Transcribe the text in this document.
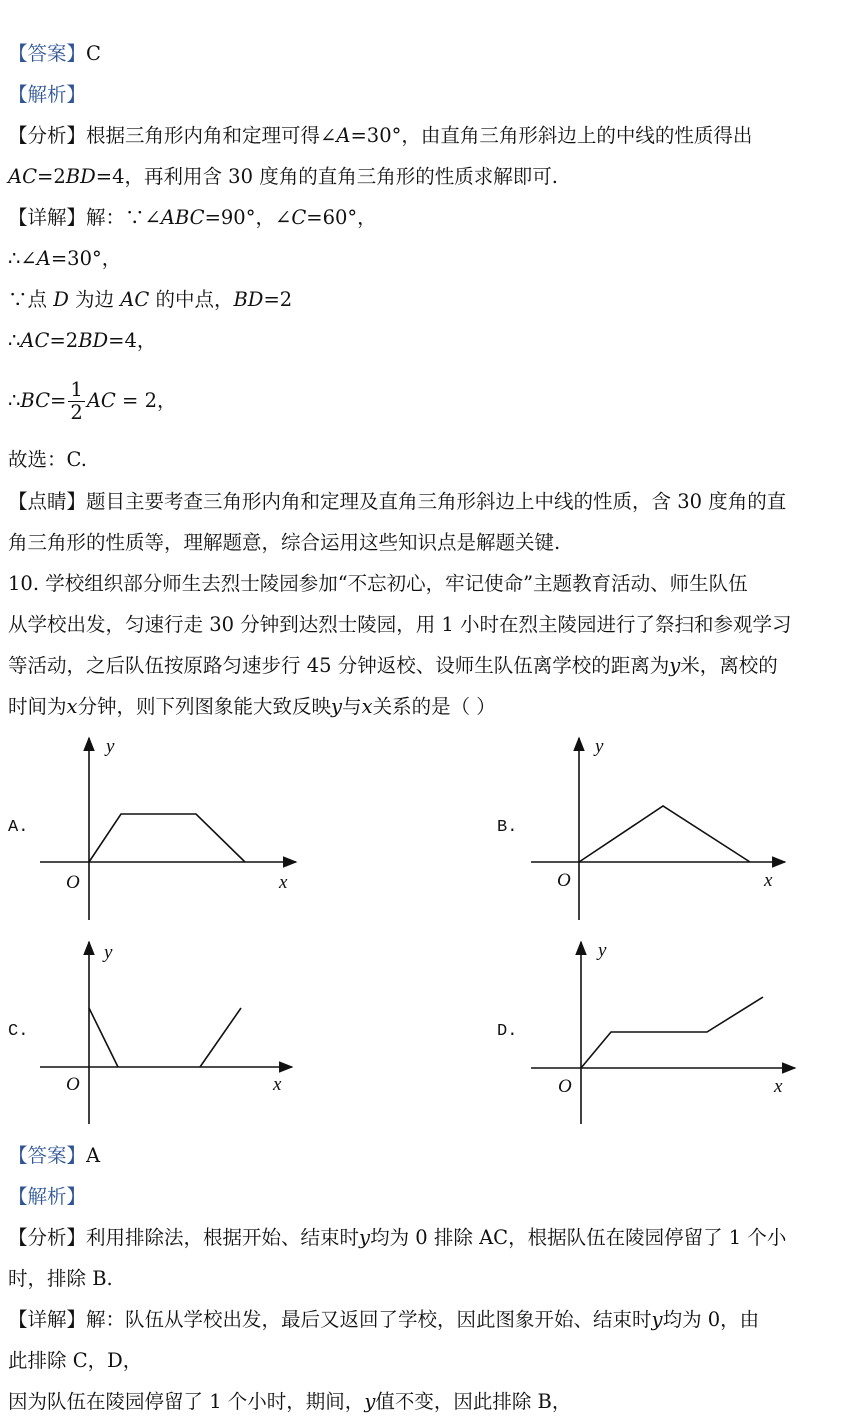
【答案】C
【解析】
【分析】根据三角形内角和定理可得∠A=30°，由直角三角形斜边上的中线的性质得出
AC=2BD=4，再利用含 30 度角的直角三角形的性质求解即可.
【详解】解：∵∠ABC=90°，∠C=60°，
∴∠A=30°，
∵点 D 为边 AC 的中点，BD=2
∴AC=2BD=4，
∴BC= $\frac{1}{2}$ AC = 2，
故选：C.
【点睛】题目主要考查三角形内角和定理及直角三角形斜边上中线的性质，含 30 度角的直
角三角形的性质等，理解题意，综合运用这些知识点是解题关键.
10. 学校组织部分师生去烈士陵园参加“不忘初心，牢记使命”主题教育活动、师生队伍
从学校出发，匀速行走 30 分钟到达烈士陵园，用 1 小时在烈主陵园进行了祭扫和参观学习
等活动，之后队伍按原路匀速步行 45 分钟返校、设师生队伍离学校的距离为y米，离校的
时间为x分钟，则下列图象能大致反映y与x关系的是（ ）
A.	B.
C.	D.
y
O	x
y
O	x
y
O	x
y
O	x
【答案】A
【解析】
【分析】利用排除法，根据开始、结束时y均为 0 排除 AC，根据队伍在陵园停留了 1 个小
时，排除 B.
【详解】解：队伍从学校出发，最后又返回了学校，因此图象开始、结束时y均为 0，由
此排除 C，D，
因为队伍在陵园停留了 1 个小时，期间，y值不变，因此排除 B，
